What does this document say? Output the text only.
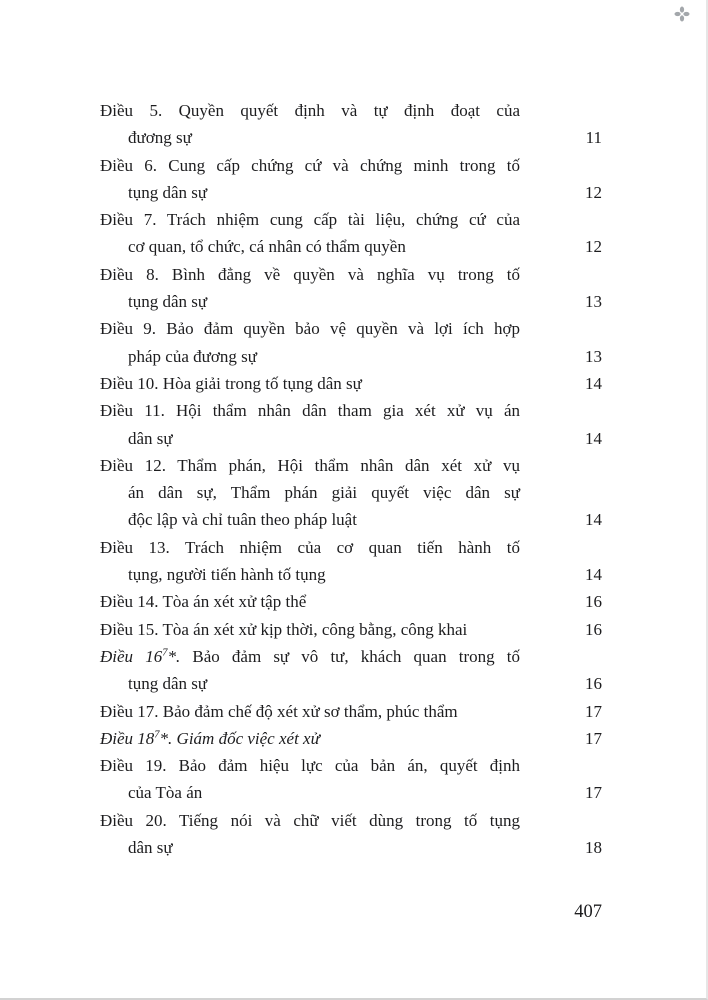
Điều 5. Quyền quyết định và tự định đoạt của
đương sự	11
Điều 6. Cung cấp chứng cứ và chứng minh trong tố
tụng dân sự	12
Điều 7. Trách nhiệm cung cấp tài liệu, chứng cứ của
cơ quan, tổ chức, cá nhân có thẩm quyền	12
Điều 8. Bình đẳng về quyền và nghĩa vụ trong tố
tụng dân sự	13
Điều 9. Bảo đảm quyền bảo vệ quyền và lợi ích hợp
pháp của đương sự	13
Điều 10. Hòa giải trong tố tụng dân sự	14
Điều 11. Hội thẩm nhân dân tham gia xét xử vụ án
dân sự	14
Điều 12. Thẩm phán, Hội thẩm nhân dân xét xử vụ
án dân sự, Thẩm phán giải quyết việc dân sự
độc lập và chỉ tuân theo pháp luật	14
Điều 13. Trách nhiệm của cơ quan tiến hành tố
tụng, người tiến hành tố tụng	14
Điều 14. Tòa án xét xử tập thể	16
Điều 15. Tòa án xét xử kịp thời, công bằng, công khai	16
Điều $16^7*$. Bảo đảm sự vô tư, khách quan trong tố
tụng dân sự	16
Điều 17. Bảo đảm chế độ xét xử sơ thẩm, phúc thẩm	17
Điều $18^7*$. Giám đốc việc xét xử	17
Điều 19. Bảo đảm hiệu lực của bản án, quyết định
của Tòa án	17
Điều 20. Tiếng nói và chữ viết dùng trong tố tụng
dân sự	18
407
